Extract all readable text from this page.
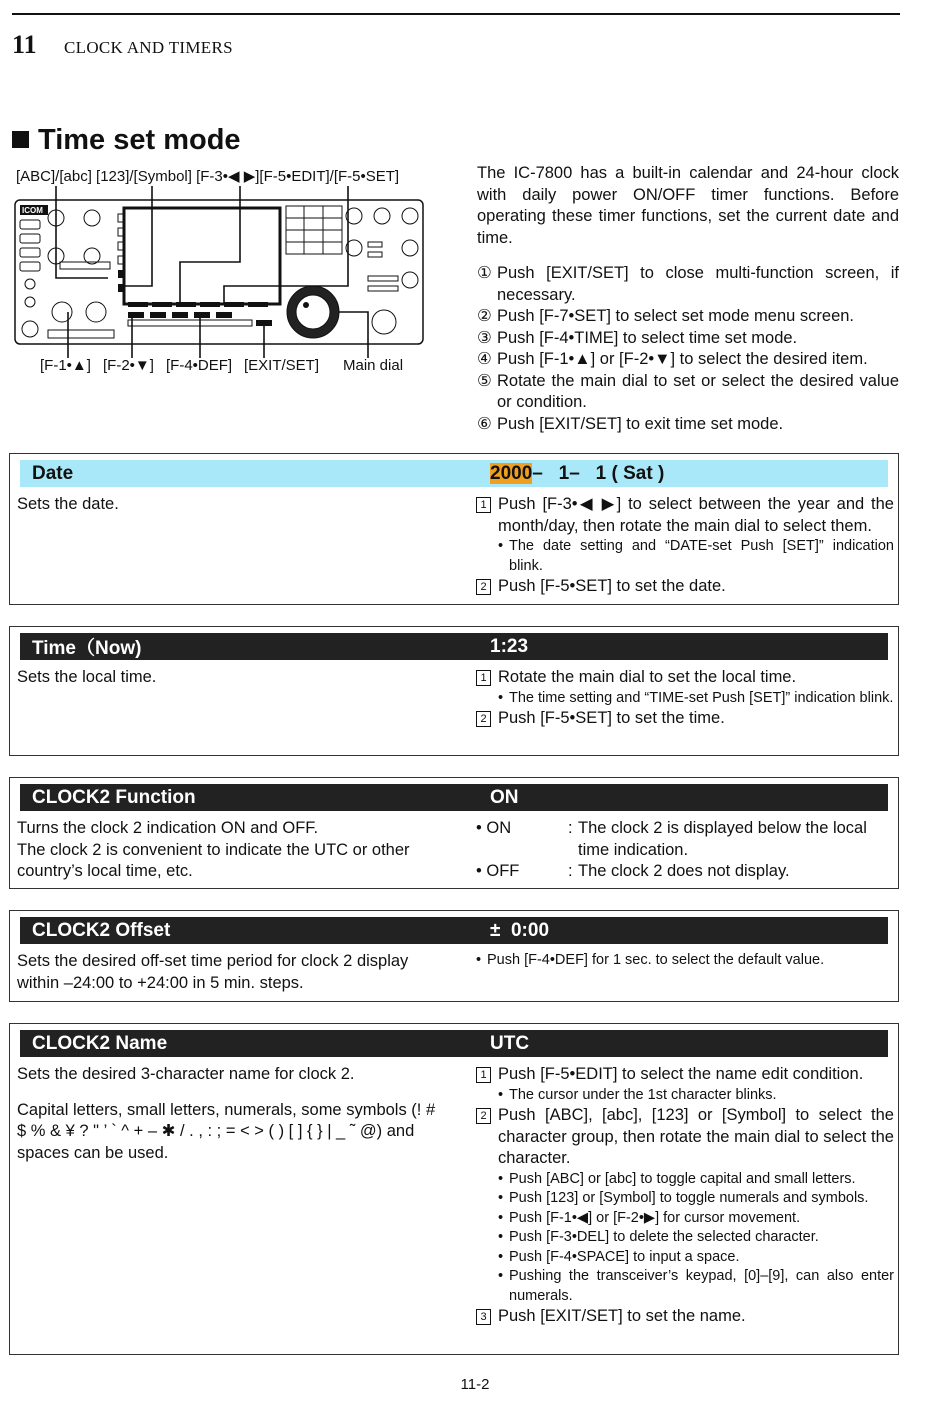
11 CLOCK AND TIMERS
Time set mode
[ABC]/[abc] [123]/[Symbol] [F-3•◀ ▶][F-5•EDIT]/[F-5•SET]
ICOM
[F-1•▲] [F-2•▼] [F-4•DEF] [EXIT/SET] Main dial
The IC-7800 has a built-in calendar and 24-hour clock with daily power ON/OFF timer functions. Before operating these timer functions, set the current date and time.
① Push [EXIT/SET] to close multi-function screen, if necessary.
② Push [F-7•SET] to select set mode menu screen.
③ Push [F-4•TIME] to select time set mode.
④ Push [F-1•▲] or [F-2•▼] to select the desired item.
⑤ Rotate the main dial to set or select the desired value or condition.
⑥ Push [EXIT/SET] to exit time set mode.
Date	2000–   1–   1 ( Sat )

Sets the date.	1 Push [F-3•◀ ▶] to select between the year and the month/day, then rotate the main dial to select them.
• The date setting and “DATE-set Push [SET]” indication blink.
2 Push [F-5•SET] to set the date.
Time（Now)	1:23

Sets the local time.	1 Rotate the main dial to set the local time.
• The time setting and “TIME-set Push [SET]” indication blink.
2 Push [F-5•SET] to set the time.
CLOCK2 Function	ON

Turns the clock 2 indication ON and OFF.

The clock 2 is convenient to indicate the UTC or other country’s local time, etc.

• ON	: The clock 2 is displayed below the local time indication.
• OFF	: The clock 2 does not display.
CLOCK2 Offset	±  0:00

Sets the desired off-set time period for clock 2 display within –24:00 to +24:00 in 5 min. steps.

• Push [F-4•DEF] for 1 sec. to select the default value.
CLOCK2 Name	UTC

Sets the desired 3-character name for clock 2.

Capital letters, small letters, numerals, some symbols (! # $ % & ¥ ? " ’ ` ^ + – ✱ / . , : ; = < > ( ) [ ] { } | _ ˜ @) and spaces can be used.

1 Push [F-5•EDIT] to select the name edit condition.
• The cursor under the 1st character blinks.
2 Push [ABC], [abc], [123] or [Symbol] to select the character group, then rotate the main dial to select the character.
• Push [ABC] or [abc] to toggle capital and small letters.
• Push [123] or [Symbol] to toggle numerals and symbols.
• Push [F-1•◀] or [F-2•▶] for cursor movement.
• Push [F-3•DEL] to delete the selected character.
• Push [F-4•SPACE] to input a space.
• Pushing the transceiver’s keypad, [0]–[9], can also enter numerals.
3 Push [EXIT/SET] to set the name.
11-2
